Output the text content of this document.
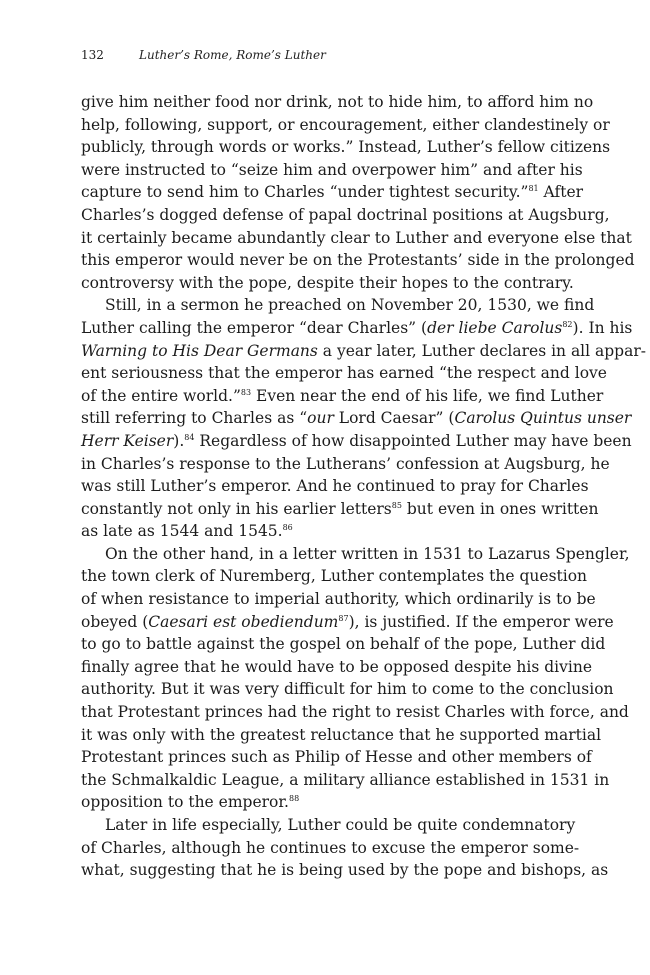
132	Luther’s Rome, Rome’s Luther
give him neither food nor drink, not to hide him, to afford him no
help, following, support, or encouragement, either clandestinely or
publicly, through words or works.” Instead, Luther’s fellow citizens
were instructed to “seize him and overpower him” and after his
capture to send him to Charles “under tightest security.”$^{81}$ After
Charles’s dogged defense of papal doctrinal positions at Augsburg,
it certainly became abundantly clear to Luther and everyone else that
this emperor would never be on the Protestants’ side in the prolonged
controversy with the pope, despite their hopes to the contrary.
Still, in a sermon he preached on November 20, 1530, we find
Luther calling the emperor “dear Charles” (der liebe Carolus$^{82}$). In his
Warning to His Dear Germans a year later, Luther declares in all appar-
ent seriousness that the emperor has earned “the respect and love
of the entire world.”$^{83}$ Even near the end of his life, we find Luther
still referring to Charles as “our Lord Caesar” (Carolus Quintus unser
Herr Keiser).$^{84}$ Regardless of how disappointed Luther may have been
in Charles’s response to the Lutherans’ confession at Augsburg, he
was still Luther’s emperor. And he continued to pray for Charles
constantly not only in his earlier letters$^{85}$ but even in ones written
as late as 1544 and 1545.86
On the other hand, in a letter written in 1531 to Lazarus Spengler,
the town clerk of Nuremberg, Luther contemplates the question
of when resistance to imperial authority, which ordinarily is to be
obeyed (Caesari est obediendum$^{87}$), is justified. If the emperor were
to go to battle against the gospel on behalf of the pope, Luther did
finally agree that he would have to be opposed despite his divine
authority. But it was very difficult for him to come to the conclusion
that Protestant princes had the right to resist Charles with force, and
it was only with the greatest reluctance that he supported martial
Protestant princes such as Philip of Hesse and other members of
the Schmalkaldic League, a military alliance established in 1531 in
opposition to the emperor.$^{88}$
Later in life especially, Luther could be quite condemnatory
of Charles, although he continues to excuse the emperor some-
what, suggesting that he is being used by the pope and bishops, as
